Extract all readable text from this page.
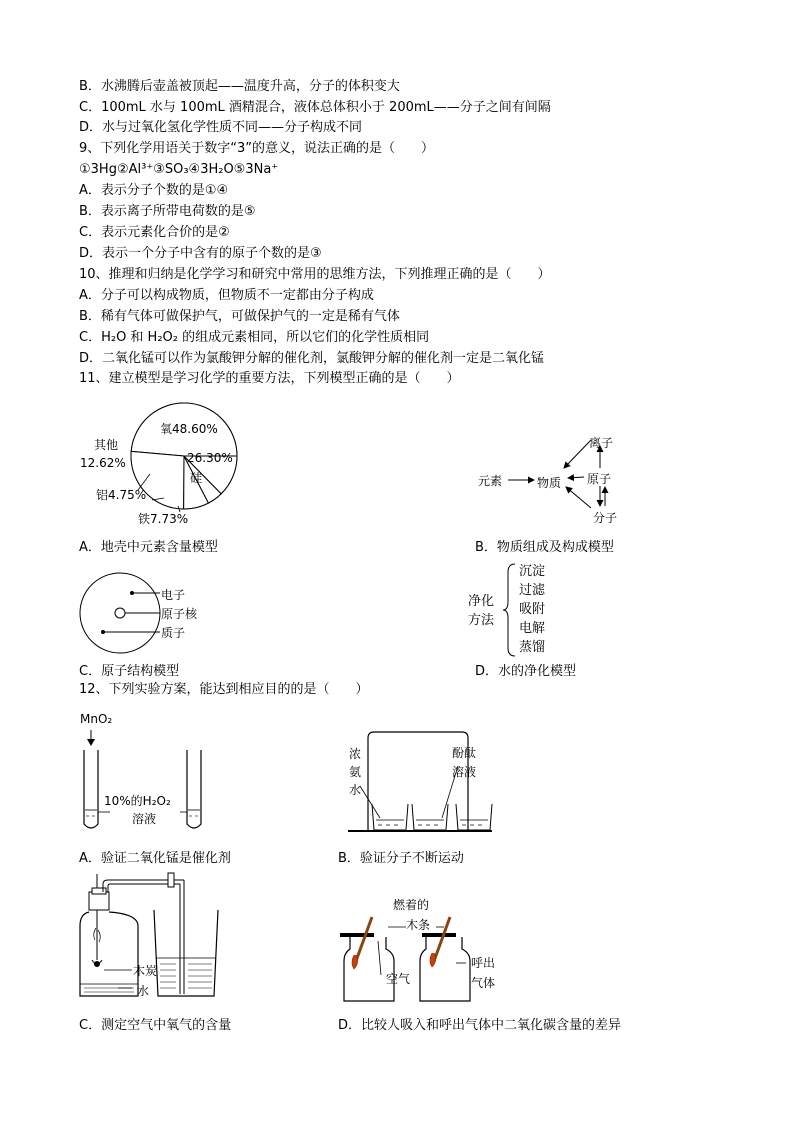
B．水沸腾后壶盖被顶起——温度升高，分子的体积变大
C．100mL 水与 100mL 酒精混合，液体总体积小于 200mL——分子之间有间隔
D．水与过氧化氢化学性质不同——分子构成不同
9、下列化学用语关于数字“3”的意义，说法正确的是（　　）
①3Hg②Al³⁺③SO₃④3H₂O⑤3Na⁺
A．表示分子个数的是①④
B．表示离子所带电荷数的是⑤
C．表示元素化合价的是②
D．表示一个分子中含有的原子个数的是③
10、推理和归纳是化学学习和研究中常用的思维方法，下列推理正确的是（　　）
A．分子可以构成物质，但物质不一定都由分子构成
B．稀有气体可做保护气，可做保护气的一定是稀有气体
C．H₂O 和 H₂O₂ 的组成元素相同，所以它们的化学性质相同
D．二氧化锰可以作为氯酸钾分解的催化剂，氯酸钾分解的催化剂一定是二氧化锰
11、建立模型是学习化学的重要方法，下列模型正确的是（　　）
氧48.60%
26.30%
硅
其他
12.62%
铝4.75%
铁7.73%
A．地壳中元素含量模型
元素	物质
离子
原子
分子
B．物质组成及构成模型
电子
原子核
质子
C．原子结构模型
净化
方法
沉淀
过滤
吸附
电解
蒸馏
D．水的净化模型
12、下列实验方案，能达到相应目的的是（　　）
MnO₂
10%的H₂O₂
溶液
A．验证二氧化锰是催化剂
浓
氨
水
酚酞
溶液
B．验证分子不断运动
木炭
水
C．测定空气中氧气的含量
燃着的
木条
空气
呼出
气体
D．比较人吸入和呼出气体中二氧化碳含量的差异
